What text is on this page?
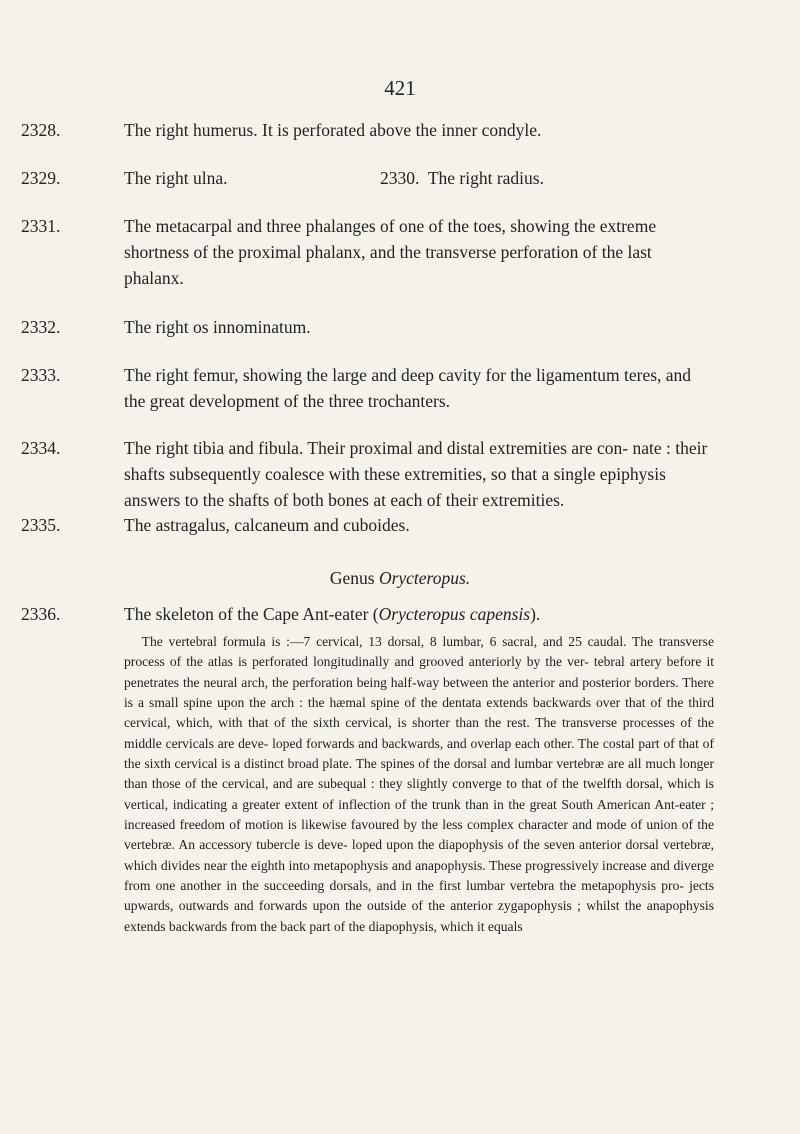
421
2328.	The right humerus. It is perforated above the inner condyle.
2329.	The right ulna.	2330. The right radius.
2331.	The metacarpal and three phalanges of one of the toes, showing the extreme shortness of the proximal phalanx, and the transverse perforation of the last phalanx.
2332.	The right os innominatum.
2333.	The right femur, showing the large and deep cavity for the ligamentum teres, and the great development of the three trochanters.
2334.	The right tibia and fibula. Their proximal and distal extremities are con- nate : their shafts subsequently coalesce with these extremities, so that a single epiphysis answers to the shafts of both bones at each of their extremities.
2335.	The astragalus, calcaneum and cuboides.
Genus Orycteropus.
2336.	The skeleton of the Cape Ant-eater (Orycteropus capensis).

The vertebral formula is :—7 cervical, 13 dorsal, 8 lumbar, 6 sacral, and 25 caudal. The transverse process of the atlas is perforated longitudinally and grooved anteriorly by the ver- tebral artery before it penetrates the neural arch, the perforation being half-way between the anterior and posterior borders. There is a small spine upon the arch : the hæmal spine of the dentata extends backwards over that of the third cervical, which, with that of the sixth cervical, is shorter than the rest. The transverse processes of the middle cervicals are deve- loped forwards and backwards, and overlap each other. The costal part of that of the sixth cervical is a distinct broad plate. The spines of the dorsal and lumbar vertebræ are all much longer than those of the cervical, and are subequal : they slightly converge to that of the twelfth dorsal, which is vertical, indicating a greater extent of inflection of the trunk than in the great South American Ant-eater ; increased freedom of motion is likewise favoured by the less complex character and mode of union of the vertebræ. An accessory tubercle is deve- loped upon the diapophysis of the seven anterior dorsal vertebræ, which divides near the eighth into metapophysis and anapophysis. These progressively increase and diverge from one another in the succeeding dorsals, and in the first lumbar vertebra the metapophysis pro- jects upwards, outwards and forwards upon the outside of the anterior zygapophysis ; whilst the anapophysis extends backwards from the back part of the diapophysis, which it equals
